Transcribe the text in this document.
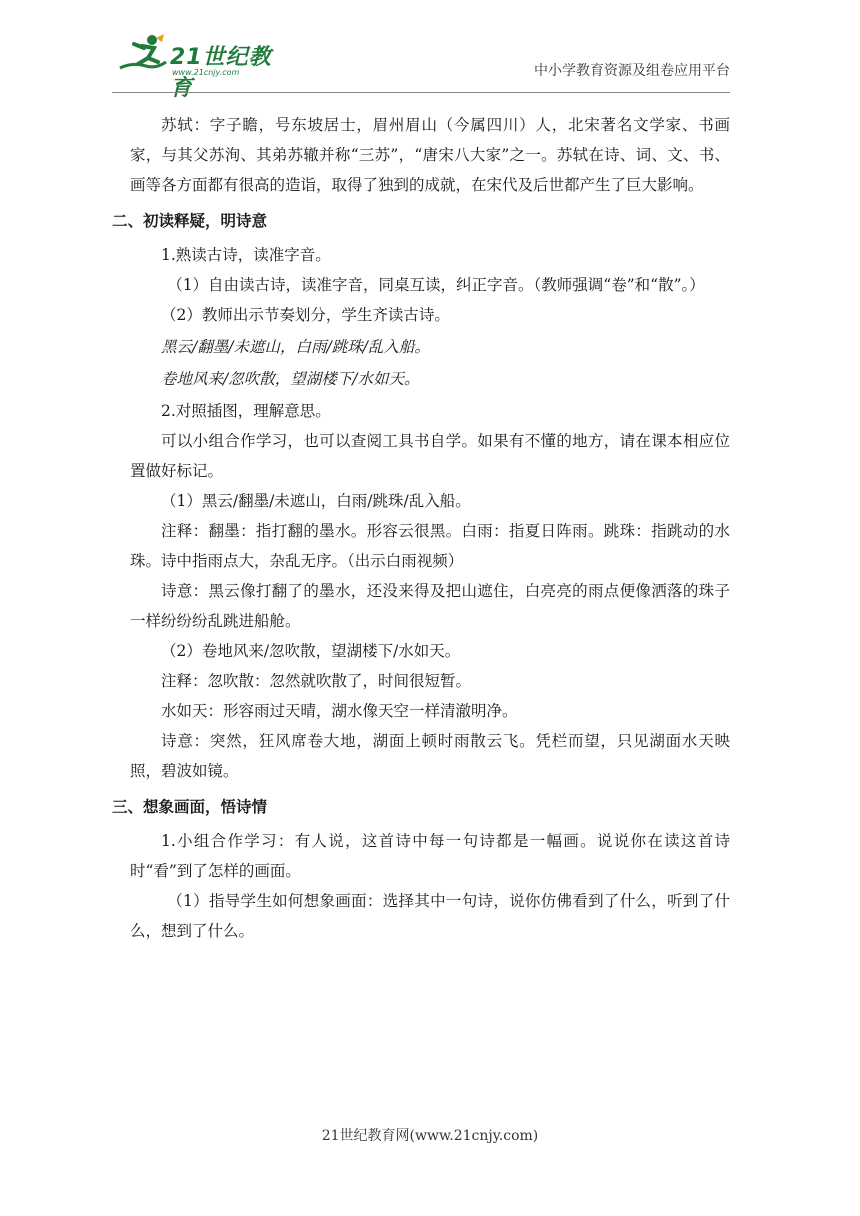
21世纪教育
www.21cnjy.com	中小学教育资源及组卷应用平台

苏轼：字子瞻，号东坡居士，眉州眉山（今属四川）人，北宋著名文学家、书画家，与其父苏洵、其弟苏辙并称“三苏”，“唐宋八大家”之一。苏轼在诗、词、文、书、画等各方面都有很高的造诣，取得了独到的成就，在宋代及后世都产生了巨大影响。

二、初读释疑，明诗意

1.熟读古诗，读准字音。

（1）自由读古诗，读准字音，同桌互读，纠正字音。（教师强调“卷”和“散”。）

（2）教师出示节奏划分，学生齐读古诗。

黑云/翻墨/未遮山，白雨/跳珠/乱入船。

卷地风来/忽吹散，望湖楼下/水如天。

2.对照插图，理解意思。

可以小组合作学习，也可以查阅工具书自学。如果有不懂的地方，请在课本相应位置做好标记。

（1）黑云/翻墨/未遮山，白雨/跳珠/乱入船。

注释：翻墨：指打翻的墨水。形容云很黑。白雨：指夏日阵雨。跳珠：指跳动的水珠。诗中指雨点大，杂乱无序。（出示白雨视频）

诗意：黑云像打翻了的墨水，还没来得及把山遮住，白亮亮的雨点便像洒落的珠子一样纷纷纷乱跳进船舱。

（2）卷地风来/忽吹散，望湖楼下/水如天。

注释：忽吹散：忽然就吹散了，时间很短暂。

水如天：形容雨过天晴，湖水像天空一样清澈明净。

诗意：突然，狂风席卷大地，湖面上顿时雨散云飞。凭栏而望，只见湖面水天映照，碧波如镜。

三、想象画面，悟诗情

1.小组合作学习：有人说，这首诗中每一句诗都是一幅画。说说你在读这首诗时“看”到了怎样的画面。

（1）指导学生如何想象画面：选择其中一句诗，说你仿佛看到了什么，听到了什么，想到了什么。

21世纪教育网(www.21cnjy.com)
